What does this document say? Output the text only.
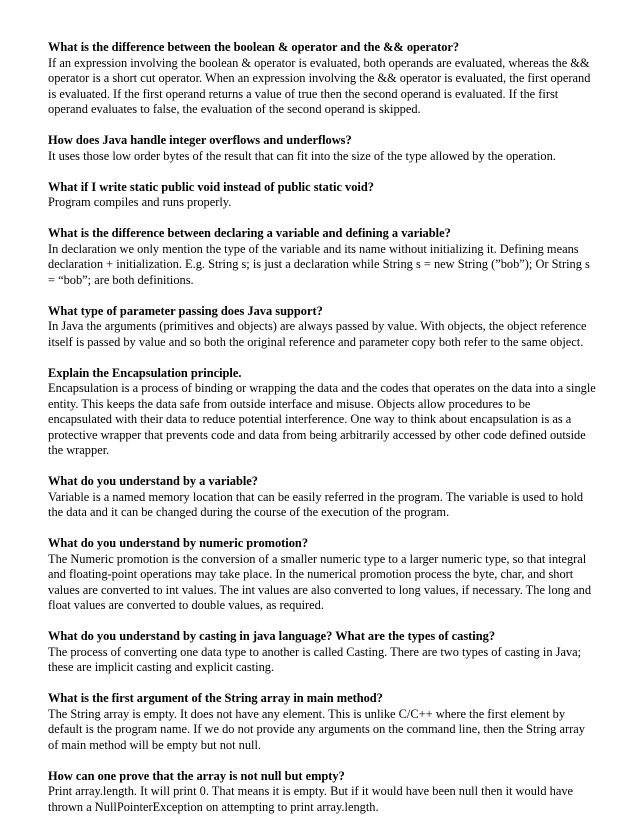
What is the difference between the boolean & operator and the && operator?
If an expression involving the boolean & operator is evaluated, both operands are evaluated, whereas the && operator is a short cut operator. When an expression involving the && operator is evaluated, the first operand is evaluated. If the first operand returns a value of true then the second operand is evaluated. If the first operand evaluates to false, the evaluation of the second operand is skipped.
How does Java handle integer overflows and underflows?
It uses those low order bytes of the result that can fit into the size of the type allowed by the operation.
What if I write static public void instead of public static void?
Program compiles and runs properly.
What is the difference between declaring a variable and defining a variable?
In declaration we only mention the type of the variable and its name without initializing it. Defining means declaration + initialization. E.g. String s; is just a declaration while String s = new String (”bob”); Or String s = “bob”; are both definitions.
What type of parameter passing does Java support?
In Java the arguments (primitives and objects) are always passed by value. With objects, the object reference itself is passed by value and so both the original reference and parameter copy both refer to the same object.
Explain the Encapsulation principle.
Encapsulation is a process of binding or wrapping the data and the codes that operates on the data into a single entity. This keeps the data safe from outside interface and misuse. Objects allow procedures to be encapsulated with their data to reduce potential interference. One way to think about encapsulation is as a protective wrapper that prevents code and data from being arbitrarily accessed by other code defined outside the wrapper.
What do you understand by a variable?
Variable is a named memory location that can be easily referred in the program. The variable is used to hold the data and it can be changed during the course of the execution of the program.
What do you understand by numeric promotion?
The Numeric promotion is the conversion of a smaller numeric type to a larger numeric type, so that integral and floating-point operations may take place. In the numerical promotion process the byte, char, and short values are converted to int values. The int values are also converted to long values, if necessary. The long and float values are converted to double values, as required.
What do you understand by casting in java language? What are the types of casting?
The process of converting one data type to another is called Casting. There are two types of casting in Java; these are implicit casting and explicit casting.
What is the first argument of the String array in main method?
The String array is empty. It does not have any element. This is unlike C/C++ where the first element by default is the program name. If we do not provide any arguments on the command line, then the String array of main method will be empty but not null.
How can one prove that the array is not null but empty?
Print array.length. It will print 0. That means it is empty. But if it would have been null then it would have thrown a NullPointerException on attempting to print array.length.
